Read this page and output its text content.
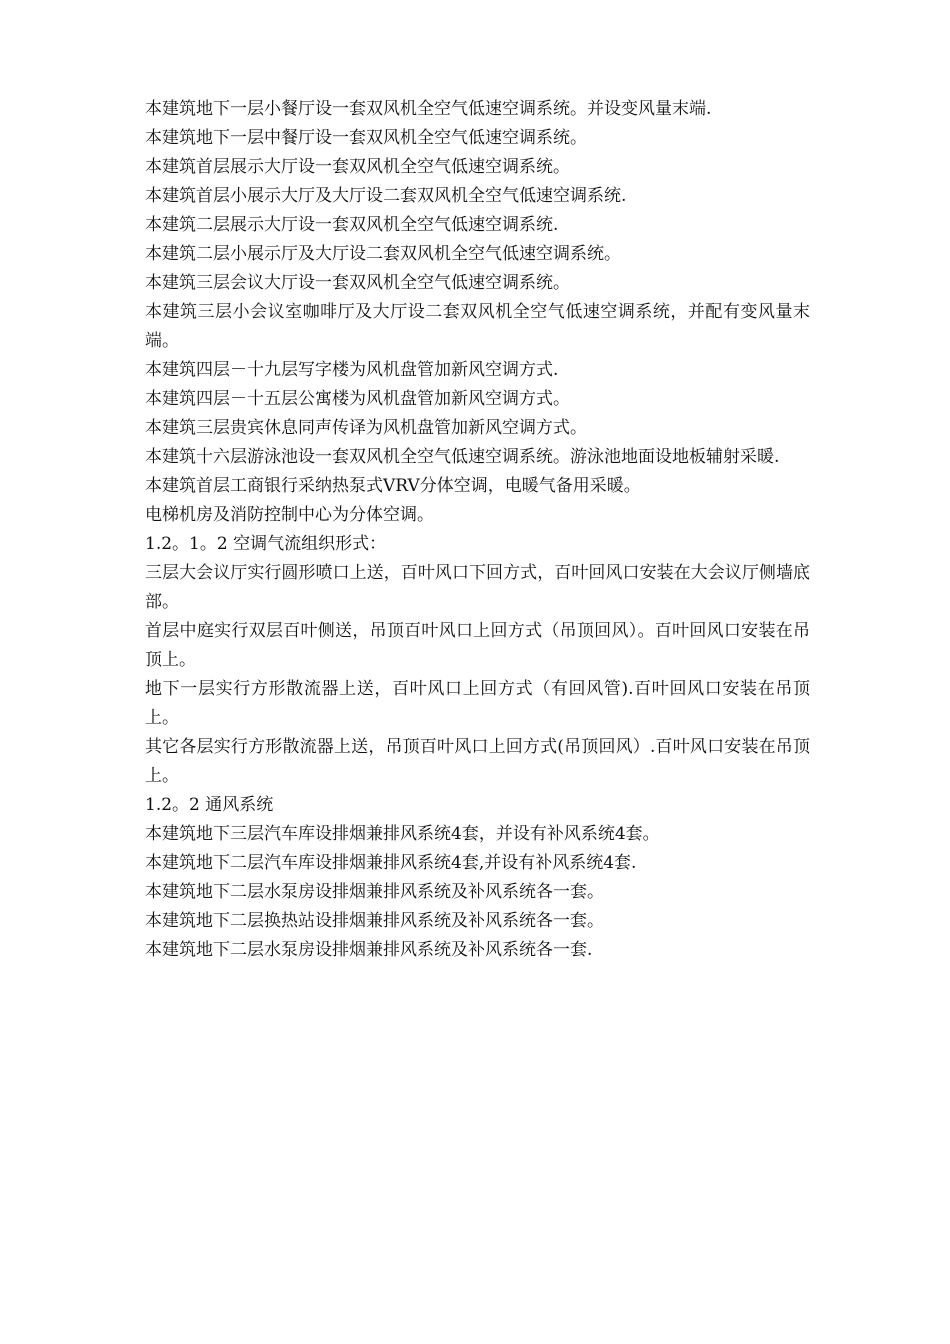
本建筑地下一层小餐厅设一套双风机全空气低速空调系统。并设变风量末端.

本建筑地下一层中餐厅设一套双风机全空气低速空调系统。

本建筑首层展示大厅设一套双风机全空气低速空调系统。

本建筑首层小展示大厅及大厅设二套双风机全空气低速空调系统.

本建筑二层展示大厅设一套双风机全空气低速空调系统.

本建筑二层小展示厅及大厅设二套双风机全空气低速空调系统。

本建筑三层会议大厅设一套双风机全空气低速空调系统。

本建筑三层小会议室咖啡厅及大厅设二套双风机全空气低速空调系统，并配有变风量末端。

本建筑四层－十九层写字楼为风机盘管加新风空调方式.

本建筑四层－十五层公寓楼为风机盘管加新风空调方式。

本建筑三层贵宾休息同声传译为风机盘管加新风空调方式。

本建筑十六层游泳池设一套双风机全空气低速空调系统。游泳池地面设地板辅射采暖.

本建筑首层工商银行采纳热泵式VRV分体空调，电暖气备用采暖。

电梯机房及消防控制中心为分体空调。

1.2。1。2 空调气流组织形式：

三层大会议厅实行圆形喷口上送，百叶风口下回方式，百叶回风口安装在大会议厅侧墙底部。

首层中庭实行双层百叶侧送，吊顶百叶风口上回方式（吊顶回风）。百叶回风口安装在吊顶上。

地下一层实行方形散流器上送，百叶风口上回方式（有回风管).百叶回风口安装在吊顶上。

其它各层实行方形散流器上送，吊顶百叶风口上回方式(吊顶回风）.百叶风口安装在吊顶上。

1.2。2 通风系统

本建筑地下三层汽车库设排烟兼排风系统4套，并设有补风系统4套。

本建筑地下二层汽车库设排烟兼排风系统4套,并设有补风系统4套.

本建筑地下二层水泵房设排烟兼排风系统及补风系统各一套。

本建筑地下二层换热站设排烟兼排风系统及补风系统各一套。

本建筑地下二层水泵房设排烟兼排风系统及补风系统各一套.
